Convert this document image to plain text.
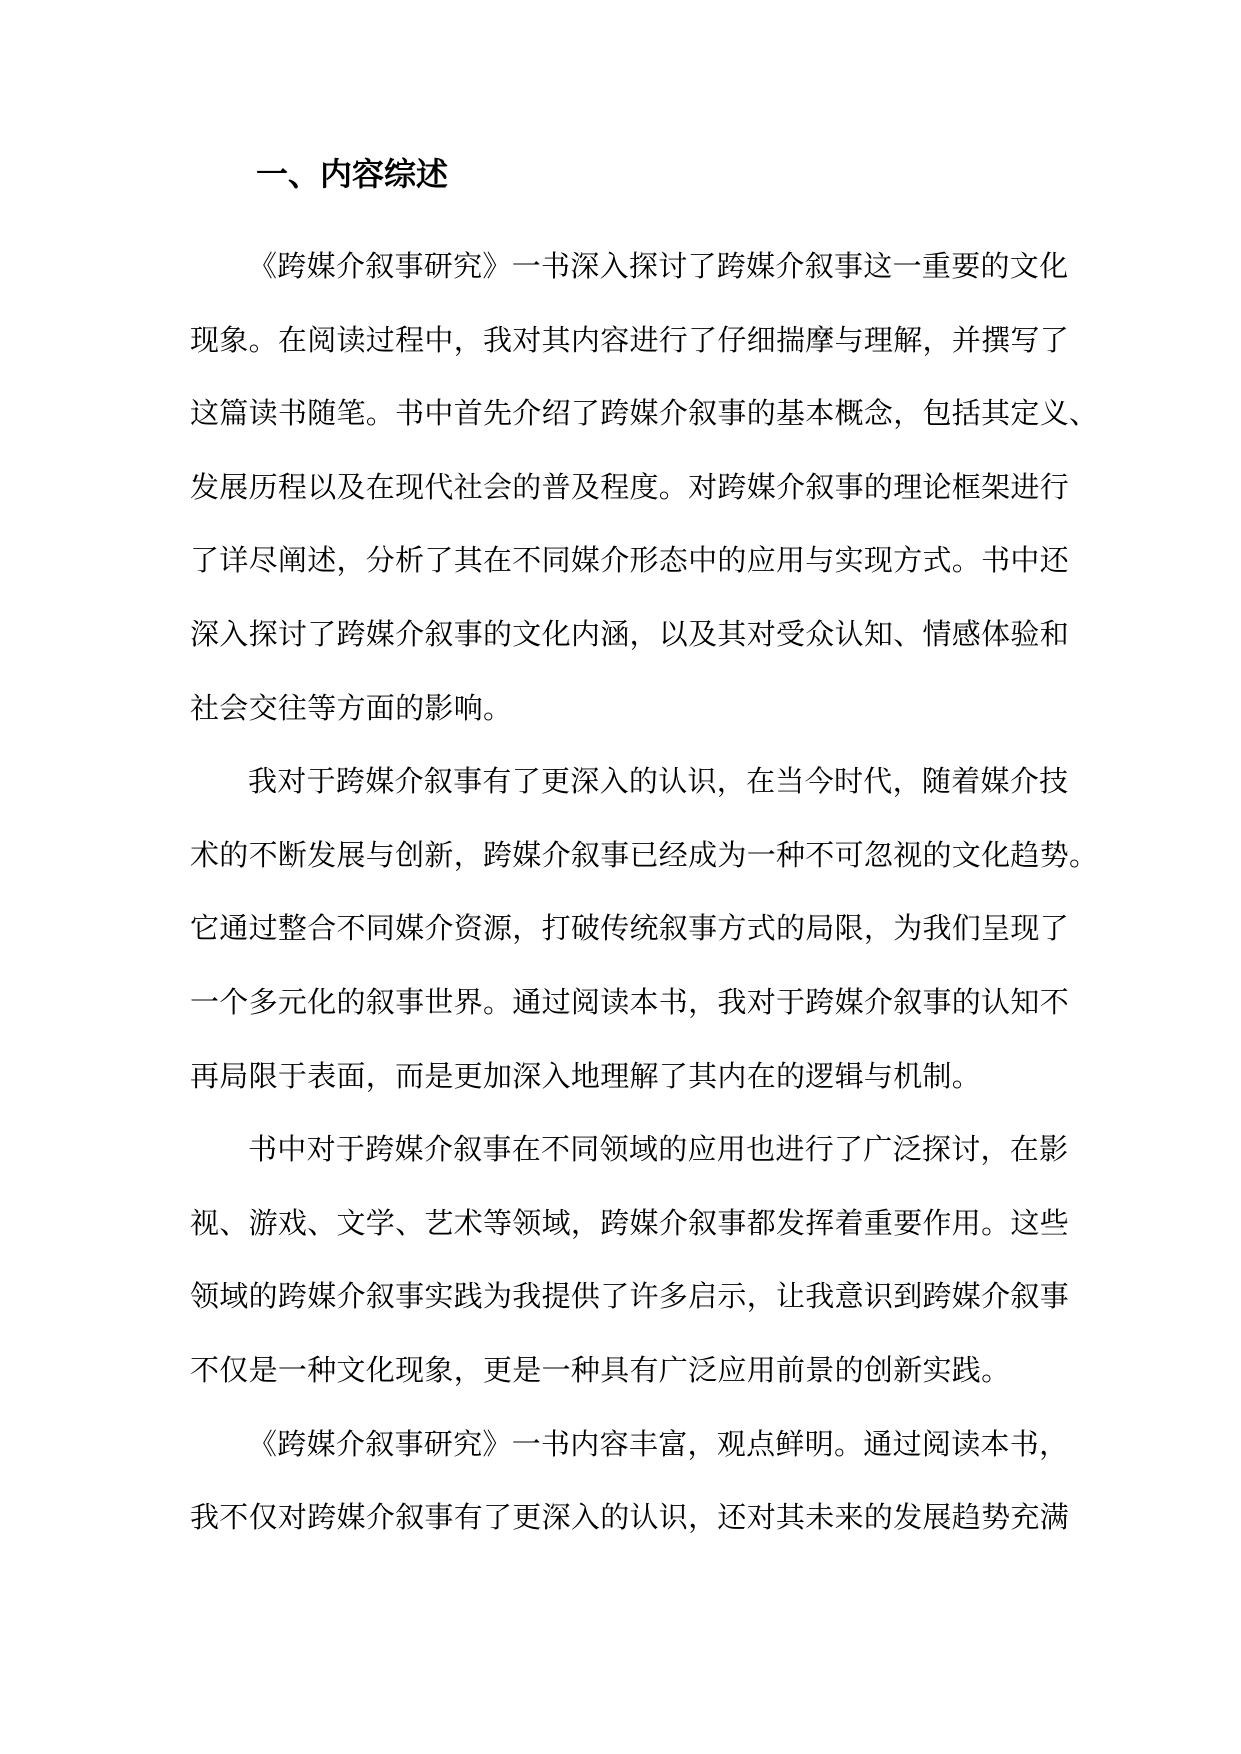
一、内容综述
《跨媒介叙事研究》一书深入探讨了跨媒介叙事这一重要的文化
现象。在阅读过程中，我对其内容进行了仔细揣摩与理解，并撰写了
这篇读书随笔。书中首先介绍了跨媒介叙事的基本概念，包括其定义、
发展历程以及在现代社会的普及程度。对跨媒介叙事的理论框架进行
了详尽阐述，分析了其在不同媒介形态中的应用与实现方式。书中还
深入探讨了跨媒介叙事的文化内涵，以及其对受众认知、情感体验和
社会交往等方面的影响。
我对于跨媒介叙事有了更深入的认识，在当今时代，随着媒介技
术的不断发展与创新，跨媒介叙事已经成为一种不可忽视的文化趋势。
它通过整合不同媒介资源，打破传统叙事方式的局限，为我们呈现了
一个多元化的叙事世界。通过阅读本书，我对于跨媒介叙事的认知不
再局限于表面，而是更加深入地理解了其内在的逻辑与机制。
书中对于跨媒介叙事在不同领域的应用也进行了广泛探讨，在影
视、游戏、文学、艺术等领域，跨媒介叙事都发挥着重要作用。这些
领域的跨媒介叙事实践为我提供了许多启示，让我意识到跨媒介叙事
不仅是一种文化现象，更是一种具有广泛应用前景的创新实践。
《跨媒介叙事研究》一书内容丰富，观点鲜明。通过阅读本书，
我不仅对跨媒介叙事有了更深入的认识，还对其未来的发展趋势充满
